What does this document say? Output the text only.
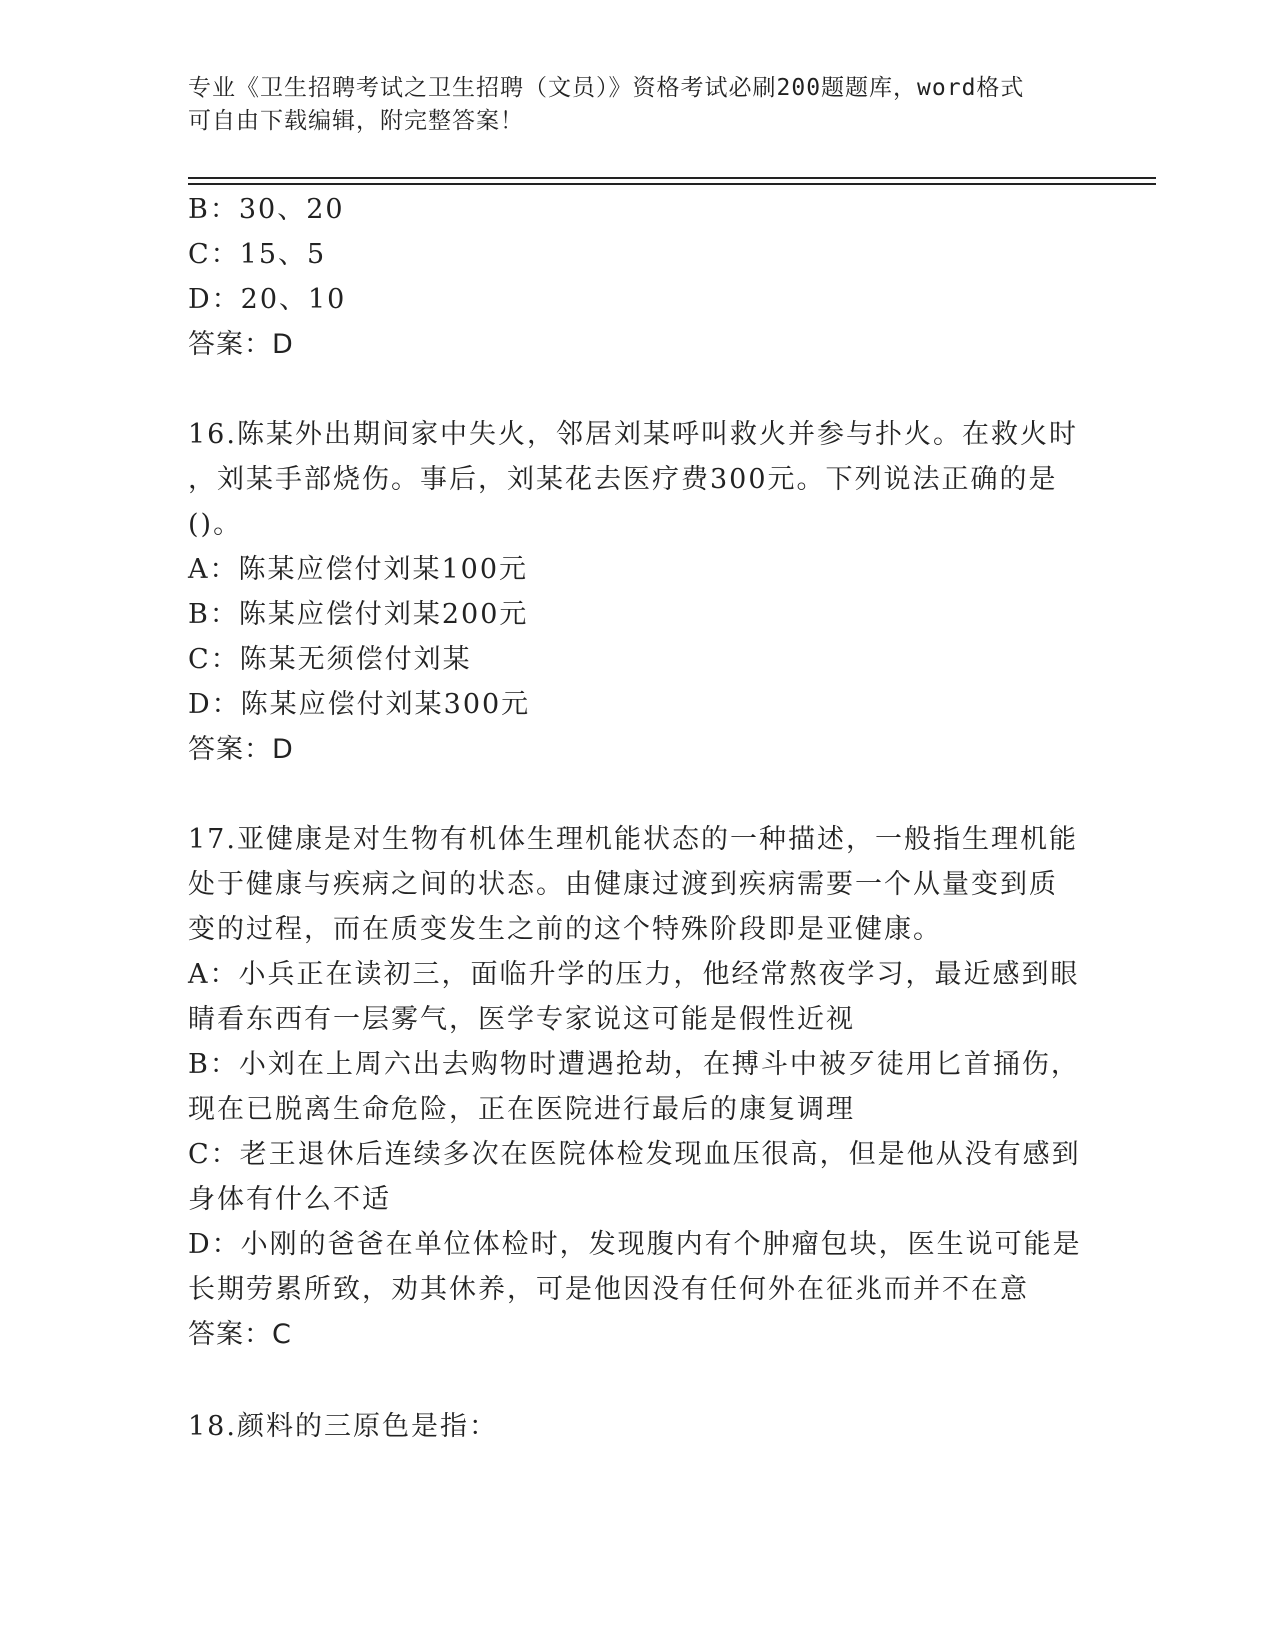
专业《卫生招聘考试之卫生招聘（文员）》资格考试必刷200题题库，word格式
可自由下载编辑，附完整答案！
B：30、20
C：15、5
D：20、10
答案：D
16.陈某外出期间家中失火，邻居刘某呼叫救火并参与扑火。在救火时
，刘某手部烧伤。事后，刘某花去医疗费300元。下列说法正确的是
()。
A：陈某应偿付刘某100元
B：陈某应偿付刘某200元
C：陈某无须偿付刘某
D：陈某应偿付刘某300元
答案：D
17.亚健康是对生物有机体生理机能状态的一种描述，一般指生理机能
处于健康与疾病之间的状态。由健康过渡到疾病需要一个从量变到质
变的过程，而在质变发生之前的这个特殊阶段即是亚健康。
A：小兵正在读初三，面临升学的压力，他经常熬夜学习，最近感到眼
睛看东西有一层雾气，医学专家说这可能是假性近视
B：小刘在上周六出去购物时遭遇抢劫，在搏斗中被歹徒用匕首捅伤，
现在已脱离生命危险，正在医院进行最后的康复调理
C：老王退休后连续多次在医院体检发现血压很高，但是他从没有感到
身体有什么不适
D：小刚的爸爸在单位体检时，发现腹内有个肿瘤包块，医生说可能是
长期劳累所致，劝其休养，可是他因没有任何外在征兆而并不在意
答案：C
18.颜料的三原色是指：
